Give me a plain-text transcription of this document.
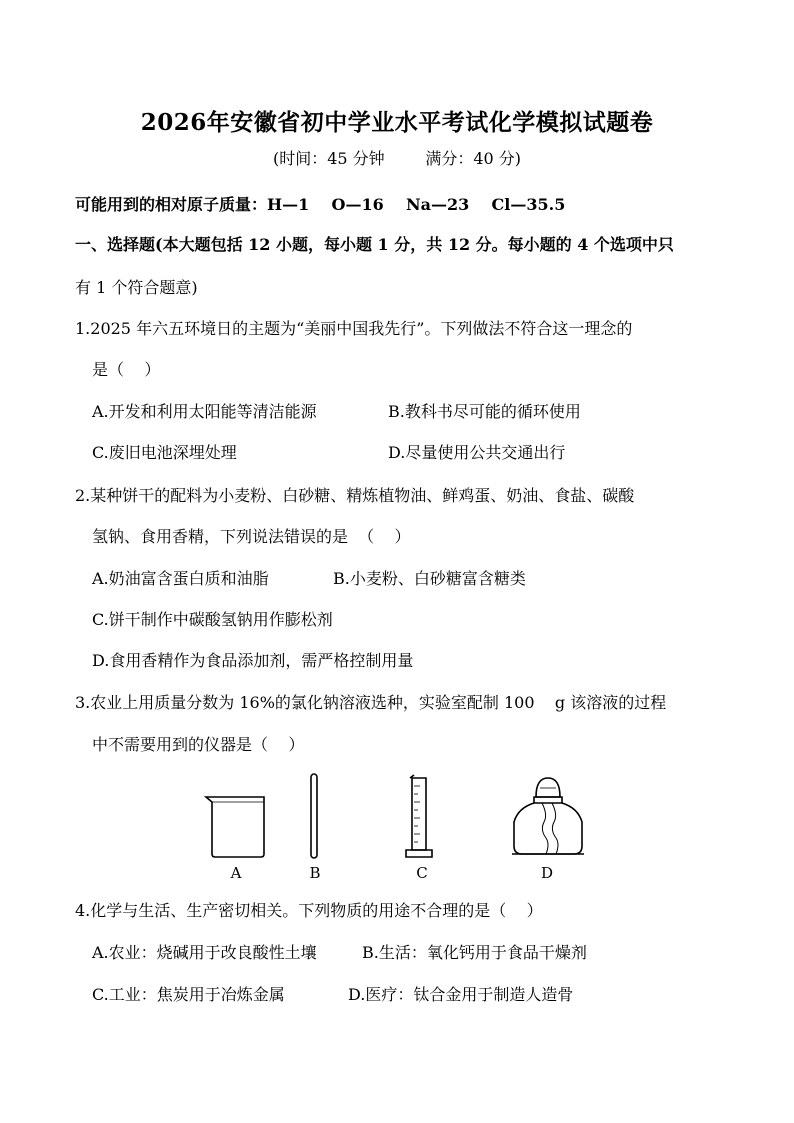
2026年安徽省初中学业水平考试化学模拟试题卷
(时间：45 分钟        满分：40 分)
可能用到的相对原子质量：H—1    O—16    Na—23    Cl—35.5
一、选择题(本大题包括 12 小题，每小题 1 分，共 12 分。每小题的 4 个选项中只
有 1 个符合题意)
1.2025 年六五环境日的主题为“美丽中国我先行”。下列做法不符合这一理念的
是（    ）
A.开发和利用太阳能等清洁能源	B.教科书尽可能的循环使用
C.废旧电池深埋处理	D.尽量使用公共交通出行
2.某种饼干的配料为小麦粉、白砂糖、精炼植物油、鲜鸡蛋、奶油、食盐、碳酸
氢钠、食用香精，下列说法错误的是  （    ）
A.奶油富含蛋白质和油脂	B.小麦粉、白砂糖富含糖类
C.饼干制作中碳酸氢钠用作膨松剂
D.食用香精作为食品添加剂，需严格控制用量
3.农业上用质量分数为 16%的氯化钠溶液选种，实验室配制 100    g 该溶液的过程
中不需要用到的仪器是（    ）
A	B	C	D
4.化学与生活、生产密切相关。下列物质的用途不合理的是（    ）
A.农业：烧碱用于改良酸性土壤	B.生活：氧化钙用于食品干燥剂
C.工业：焦炭用于冶炼金属	D.医疗：钛合金用于制造人造骨
